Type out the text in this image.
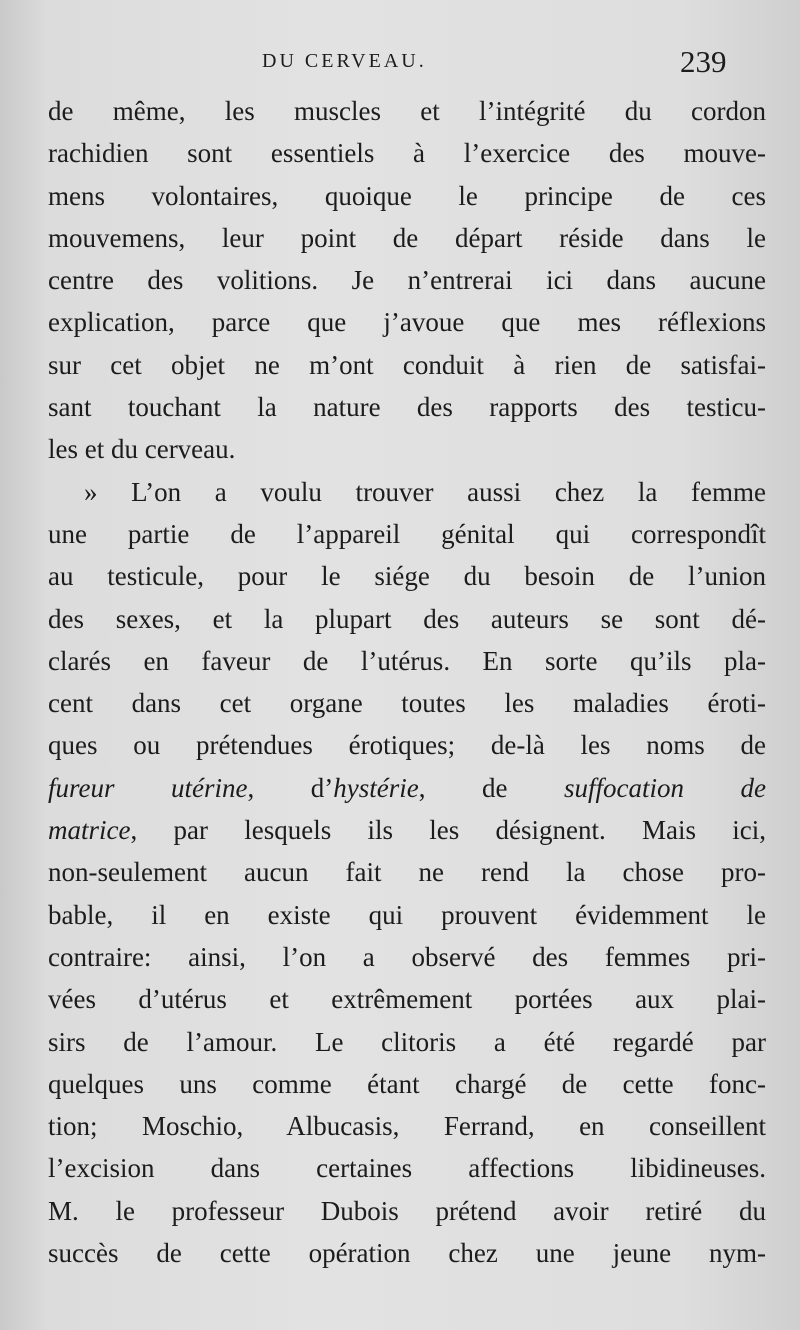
DU CERVEAU.	239
de même, les muscles et l’intégrité du cordon
rachidien sont essentiels à l’exercice des mouve-
mens volontaires, quoique le principe de ces
mouvemens, leur point de départ réside dans le
centre des volitions. Je n’entrerai ici dans aucune
explication, parce que j’avoue que mes réflexions
sur cet objet ne m’ont conduit à rien de satisfai-
sant touchant la nature des rapports des testicu-
les et du cerveau.
» L’on a voulu trouver aussi chez la femme
une partie de l’appareil génital qui correspondît
au testicule, pour le siége du besoin de l’union
des sexes, et la plupart des auteurs se sont dé-
clarés en faveur de l’utérus. En sorte qu’ils pla-
cent dans cet organe toutes les maladies éroti-
ques ou prétendues érotiques; de-là les noms de
fureur utérine, d’hystérie, de suffocation de
matrice, par lesquels ils les désignent. Mais ici,
non-seulement aucun fait ne rend la chose pro-
bable, il en existe qui prouvent évidemment le
contraire: ainsi, l’on a observé des femmes pri-
vées d’utérus et extrêmement portées aux plai-
sirs de l’amour. Le clitoris a été regardé par
quelques uns comme étant chargé de cette fonc-
tion; Moschio, Albucasis, Ferrand, en conseillent
l’excision dans certaines affections libidineuses.
M. le professeur Dubois prétend avoir retiré du
succès de cette opération chez une jeune nym-
